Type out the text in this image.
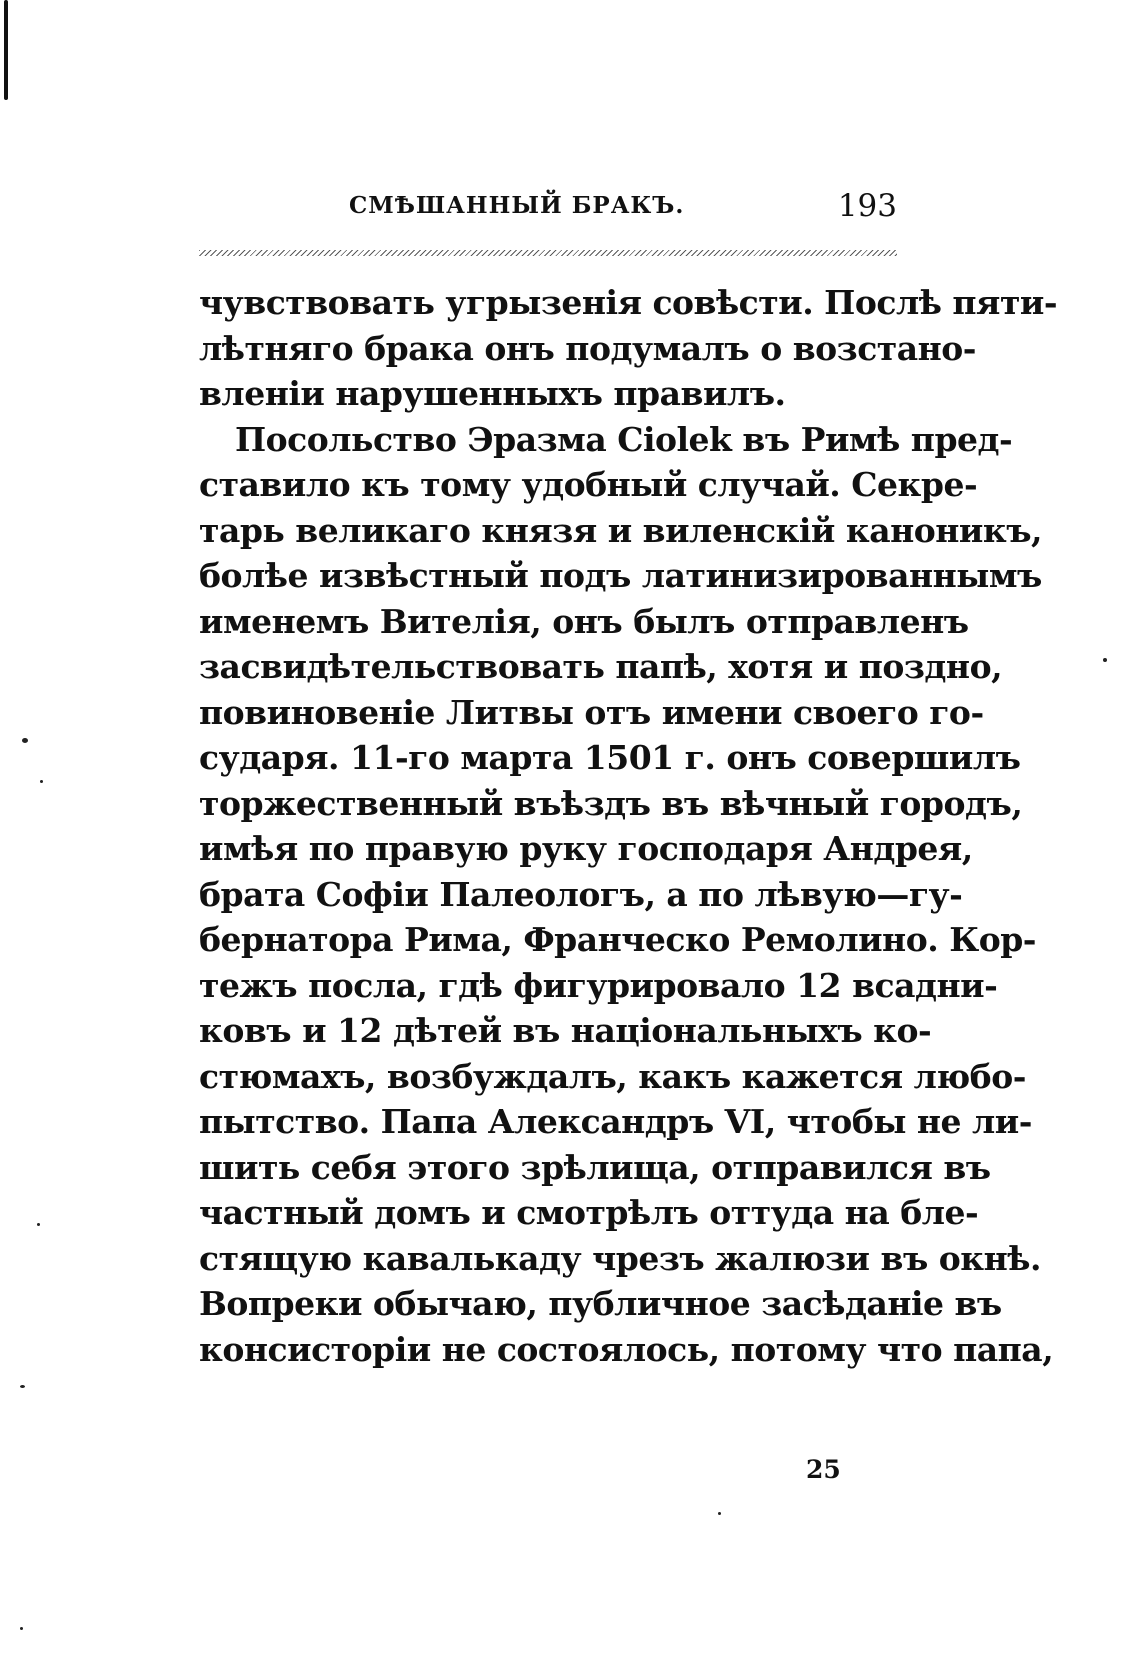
СМѢШАННЫЙ БРАКЪ.	193
чувствовать угрызенія совѣсти. Послѣ пяти-
лѣтняго брака онъ подумалъ о возстано-
вленіи нарушенныхъ правилъ.
Посольство Эразма Ciolek въ Римѣ пред-
ставило къ тому удобный случай. Секре-
тарь великаго князя и виленскій каноникъ,
болѣе извѣстный подъ латинизированнымъ
именемъ Вителія, онъ былъ отправленъ
засвидѣтельствовать папѣ, хотя и поздно,
повиновеніе Литвы отъ имени своего го-
сударя. 11-го марта 1501 г. онъ совершилъ
торжественный въѣздъ въ вѣчный городъ,
имѣя по правую руку господаря Андрея,
брата Софіи Палеологъ, а по лѣвую—гу-
бернатора Рима, Франческо Ремолино. Кор-
тежъ посла, гдѣ фигурировало 12 всадни-
ковъ и 12 дѣтей въ національныхъ ко-
стюмахъ, возбуждалъ, какъ кажется любо-
пытство. Папа Александръ VI, чтобы не ли-
шить себя этого зрѣлища, отправился въ
частный домъ и смотрѣлъ оттуда на бле-
стящую кавалькаду чрезъ жалюзи въ окнѣ.
Вопреки обычаю, публичное засѣданіе въ
консисторіи не состоялось, потому что папа,
25
